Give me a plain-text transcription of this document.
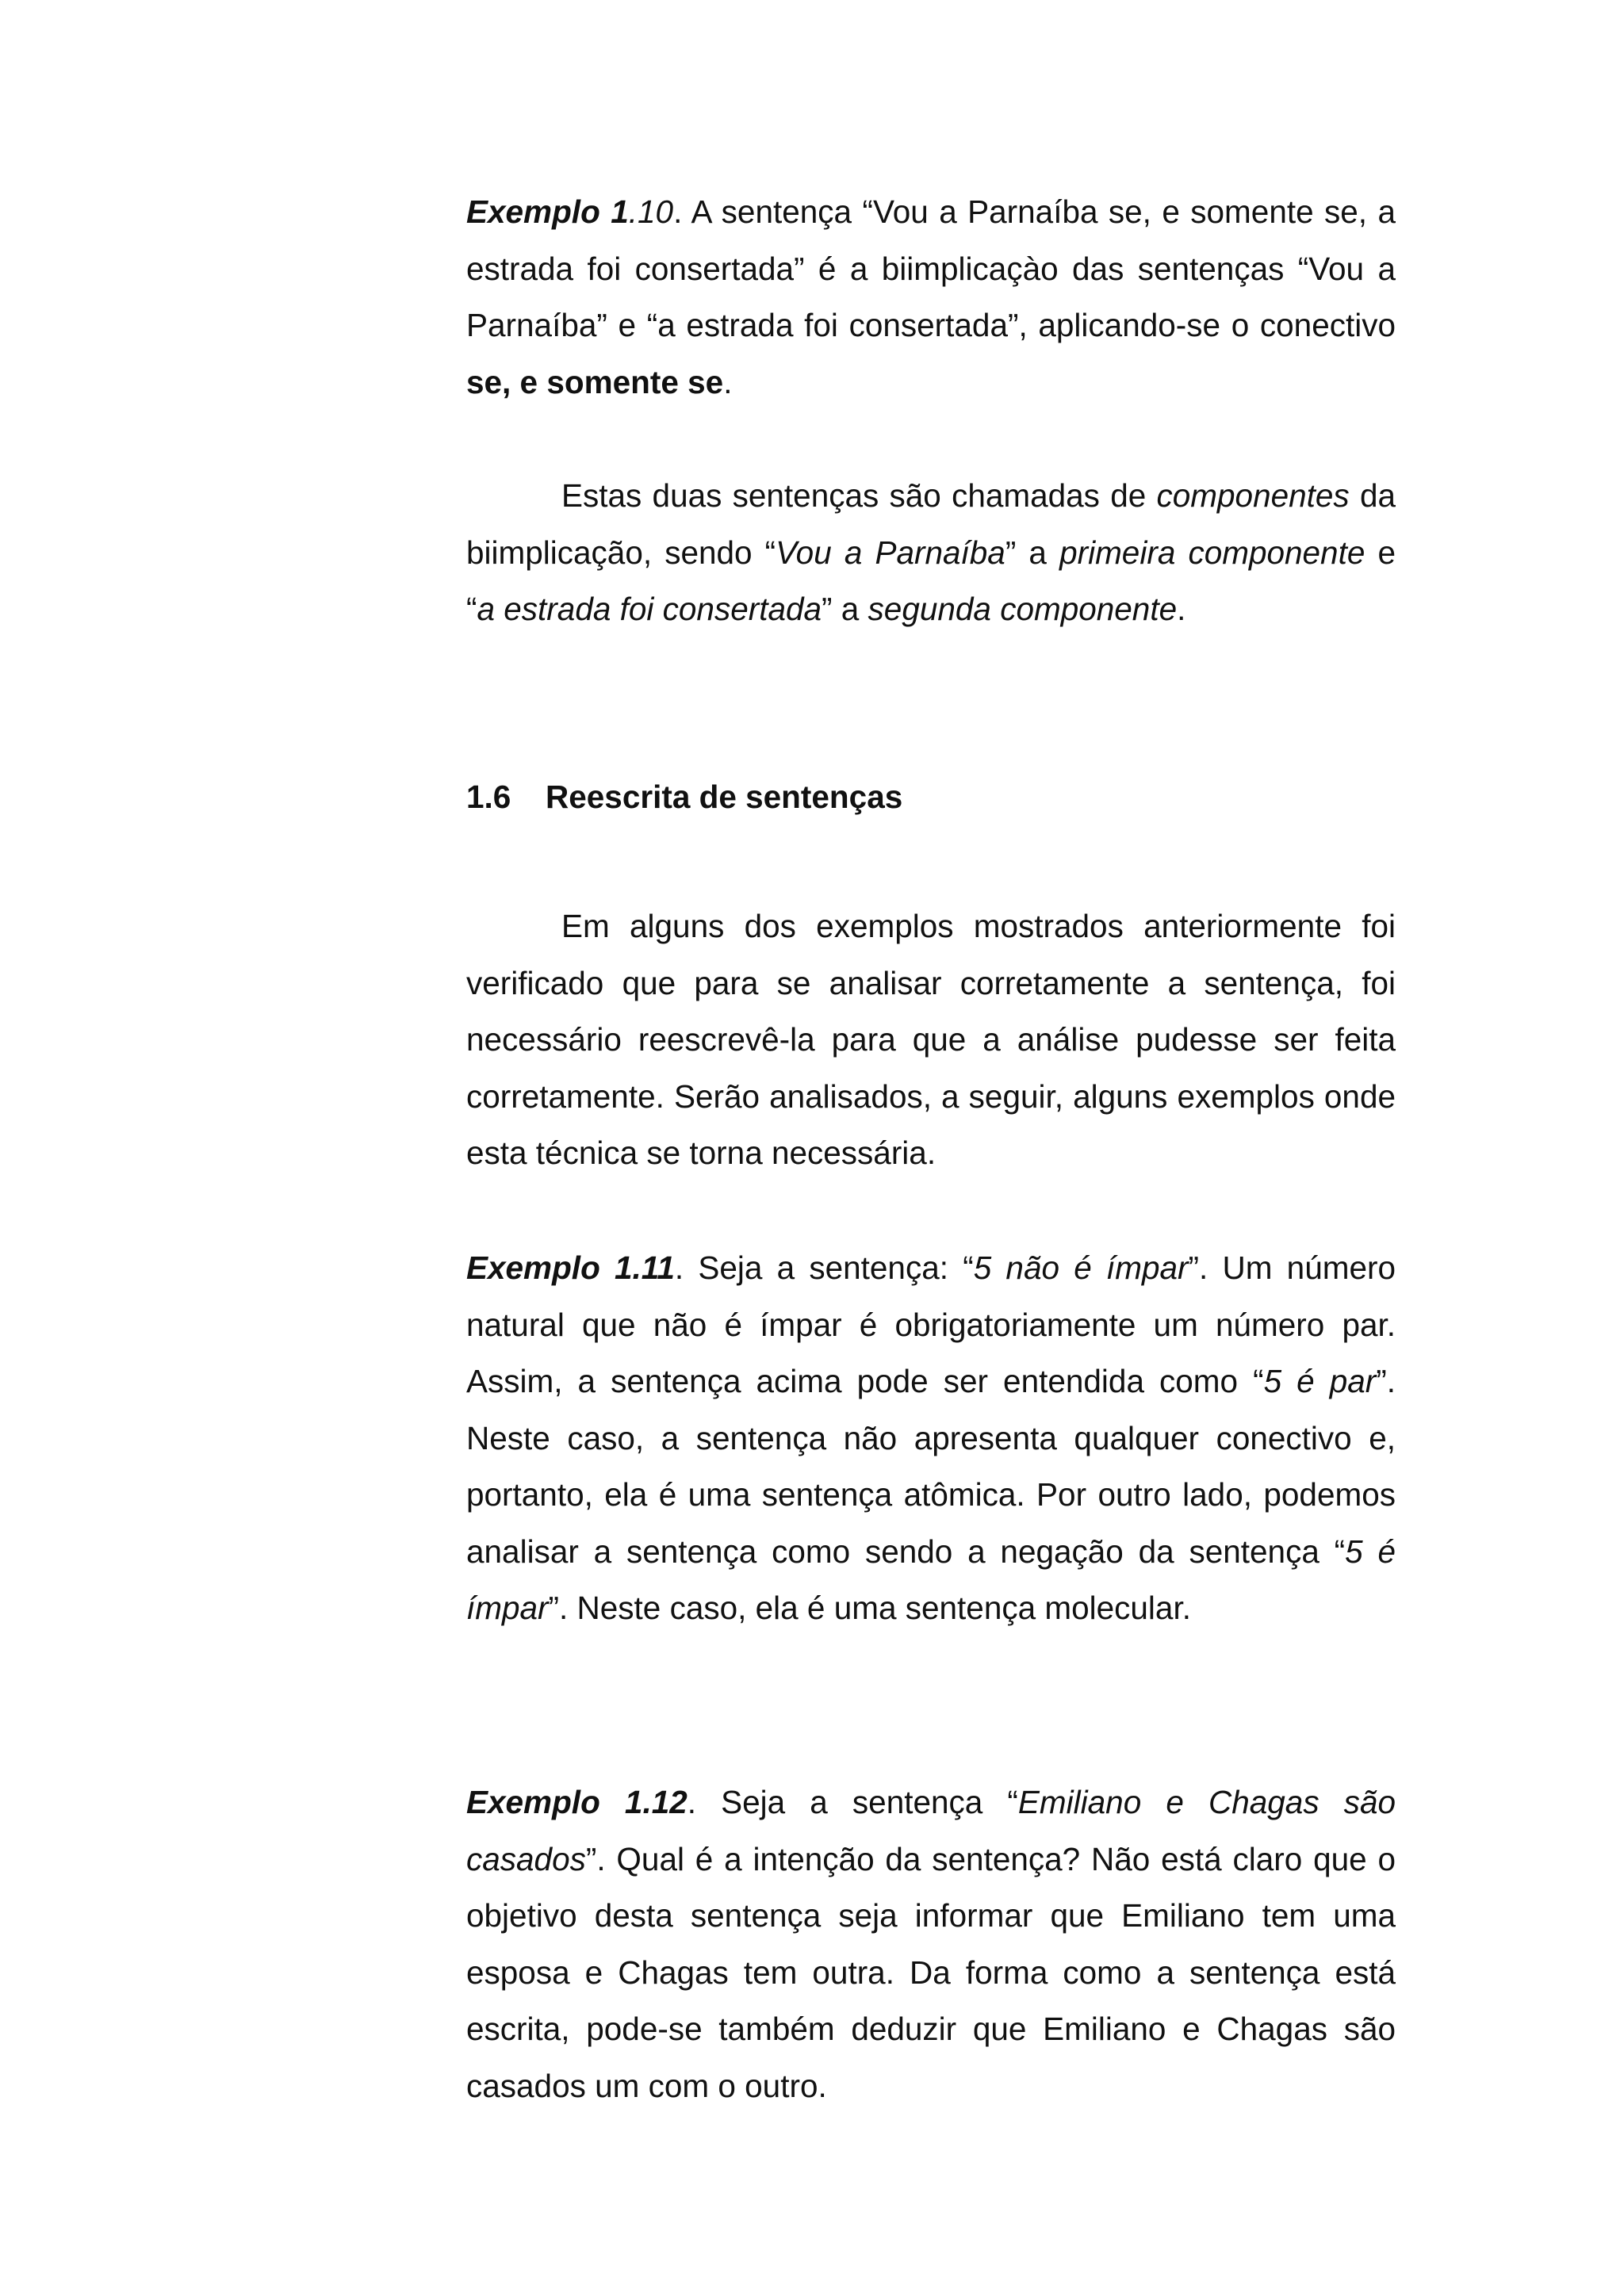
Exemplo 1.10. A sentença “Vou a Parnaíba se, e somente se, a estrada foi consertada” é a biimplicaçào das sentenças “Vou a Parnaíba” e “a estrada foi consertada”, aplicando-se o conectivo se, e somente se.

Estas duas sentenças são chamadas de componentes da biimplicação, sendo “Vou a Parnaíba” a primeira componente e “a estrada foi consertada” a segunda componente.

1.6 Reescrita de sentenças

Em alguns dos exemplos mostrados anteriormente foi verificado que para se analisar corretamente a sentença, foi necessário reescrevê-la para que a análise pudesse ser feita corretamente. Serão analisados, a seguir, alguns exemplos onde esta técnica se torna necessária.

Exemplo 1.11. Seja a sentença: “5 não é ímpar”. Um número natural que não é ímpar é obrigatoriamente um número par. Assim, a sentença acima pode ser entendida como “5 é par”. Neste caso, a sentença não apresenta qualquer conectivo e, portanto, ela é uma sentença atômica. Por outro lado, podemos analisar a sentença como sendo a negação da sentença “5 é ímpar”. Neste caso, ela é uma sentença molecular.

Exemplo 1.12. Seja a sentença “Emiliano e Chagas são casados”. Qual é a intenção da sentença? Não está claro que o objetivo desta sentença seja informar que Emiliano tem uma esposa e Chagas tem outra. Da forma como a sentença está escrita, pode-se também deduzir que Emiliano e Chagas são casados um com o outro.
